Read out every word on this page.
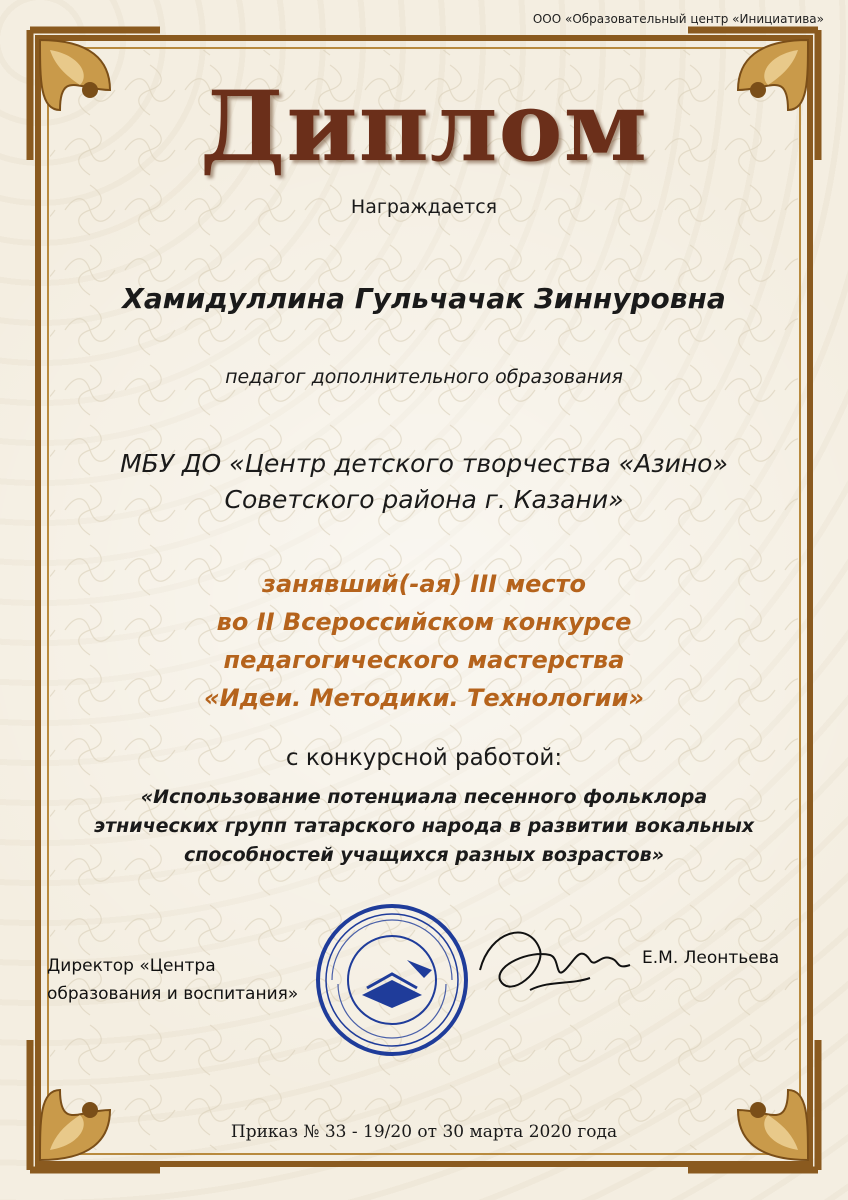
ООО «Образовательный центр «Инициатива»
Диплом
Награждается
Хамидуллина Гульчачак Зиннуровна
педагог дополнительного образования
МБУ ДО «Центр детского творчества «Азино»
Советского района г. Казани»
занявший(-ая) III место
во II Всероссийском конкурсе
педагогического мастерства
«Идеи. Методики. Технологии»
с конкурсной работой:
«Использование потенциала песенного фольклора
этнических групп татарского народа в развитии вокальных
способностей учащихся разных возрастов»
Директор «Центра
образования и воспитания»
Е.М. Леонтьева
Приказ № 33 - 19/20 от 30 марта 2020 года
